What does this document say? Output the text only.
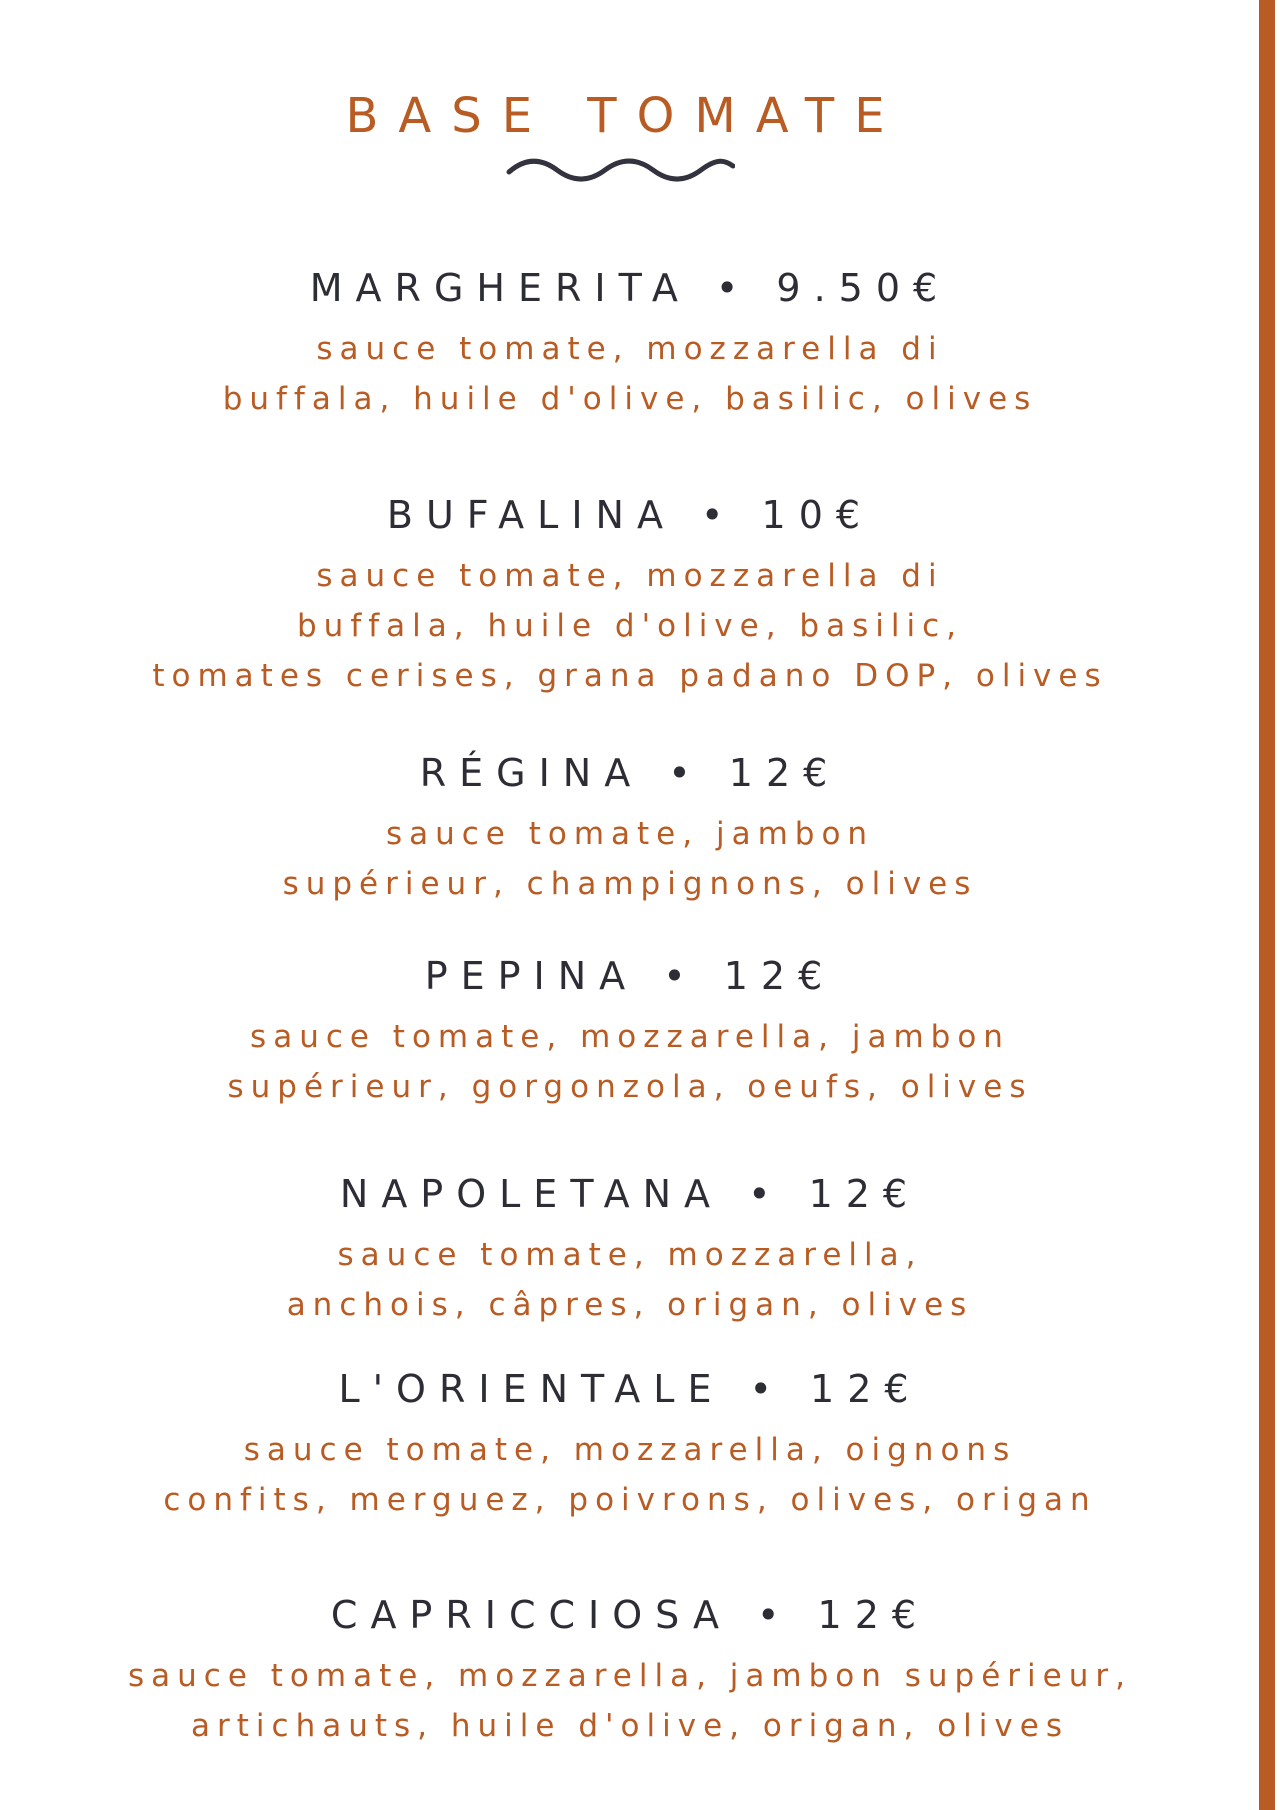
BASE TOMATE
MARGHERITA • 9.50€
sauce tomate, mozzarella di
buffala, huile d'olive, basilic, olives
BUFALINA • 10€
sauce tomate, mozzarella di
buffala, huile d'olive, basilic,
tomates cerises, grana padano DOP, olives
RÉGINA • 12€
sauce tomate, jambon
supérieur, champignons, olives
PEPINA • 12€
sauce tomate, mozzarella, jambon
supérieur, gorgonzola, oeufs, olives
NAPOLETANA • 12€
sauce tomate, mozzarella,
anchois, câpres, origan, olives
L'ORIENTALE • 12€
sauce tomate, mozzarella, oignons
confits, merguez, poivrons, olives, origan
CAPRICCIOSA • 12€
sauce tomate, mozzarella, jambon supérieur,
artichauts, huile d'olive, origan, olives
